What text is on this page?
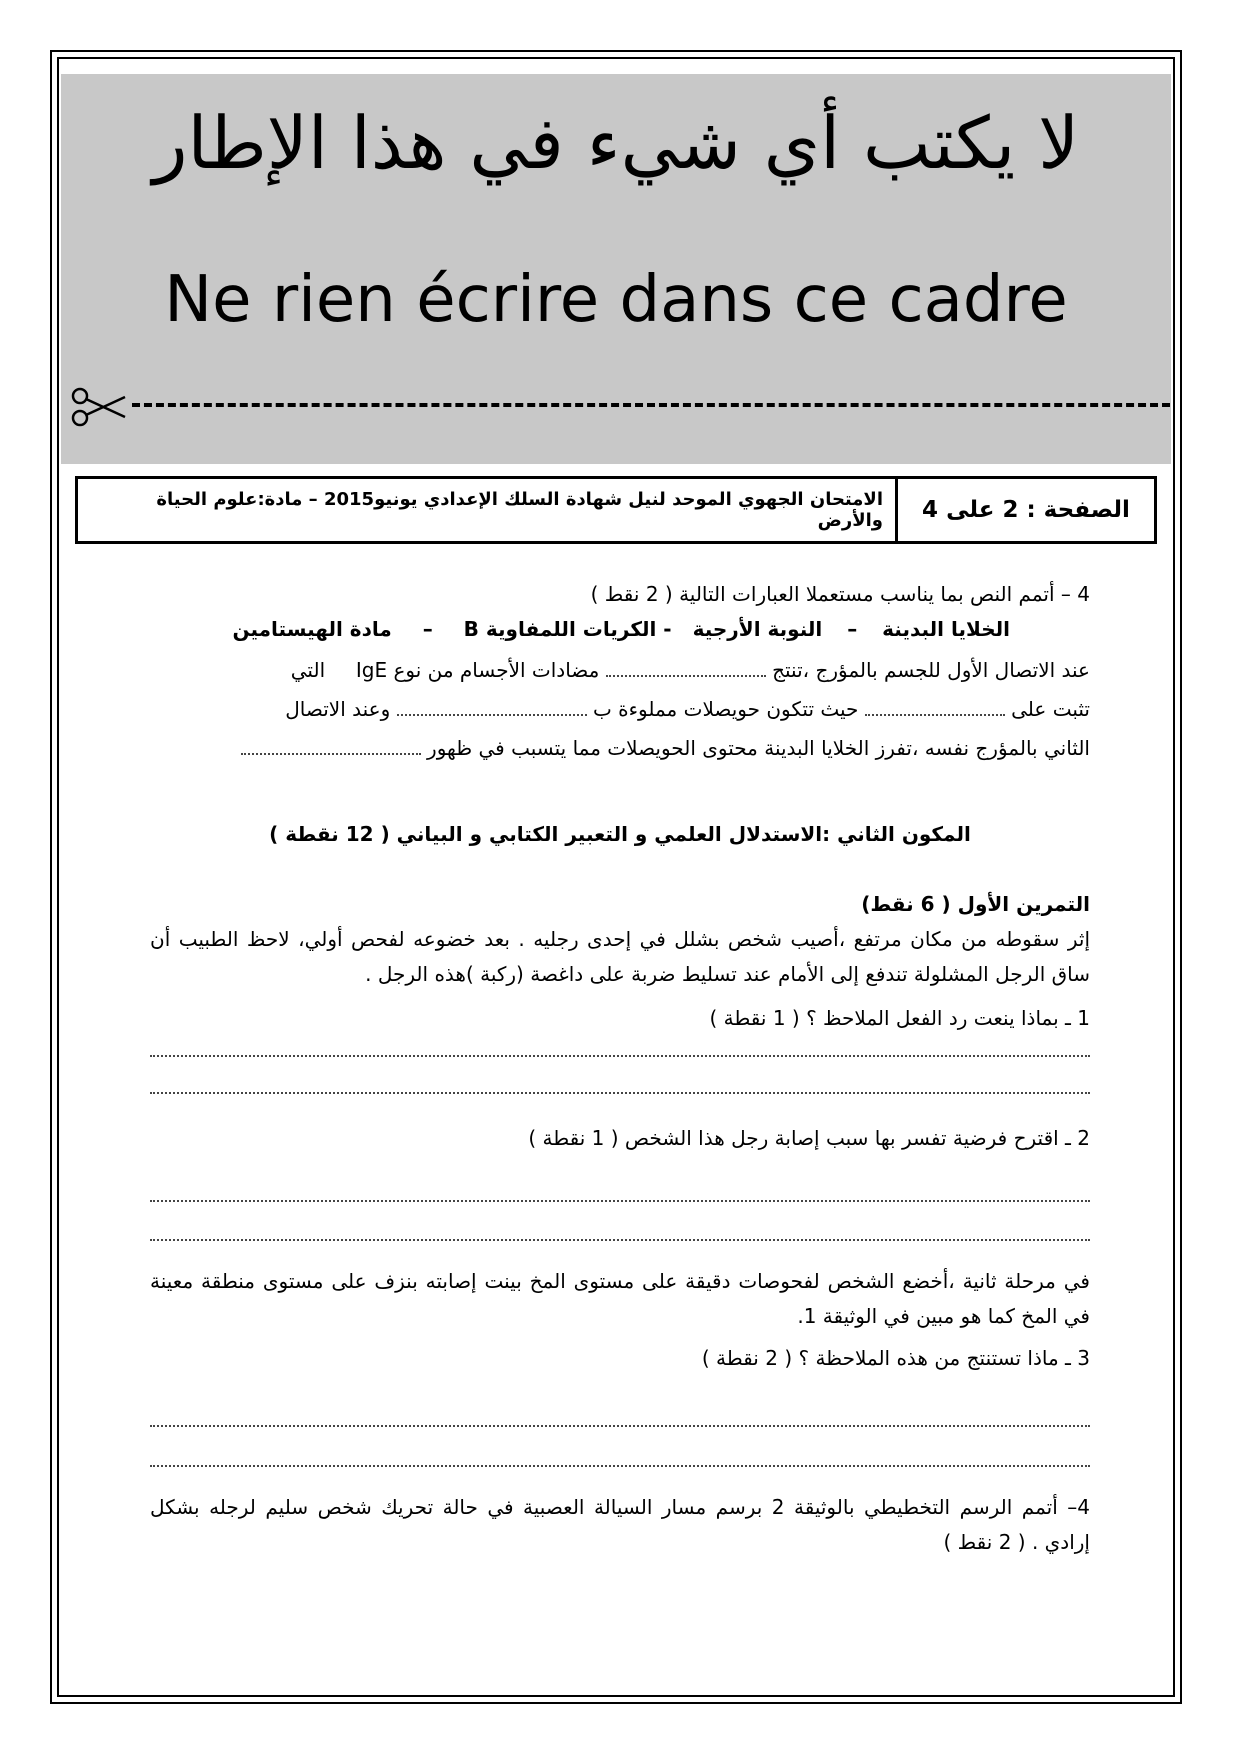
لا يكتب أي شيء في هذا الإطار
Ne rien écrire dans ce cadre
الامتحان الجهوي الموحد لنيل شهادة السلك الإعدادي يونيو2015 – مادة:علوم الحياة والأرض	الصفحة : 2 على 4
4 – أتمم النص بما يناسب مستعملا العبارات التالية ( 2 نقط )
الخلايا البدينة – النوبة الأرجية - الكريات اللمفاوية B – مادة الهيستامين
عند الاتصال الأول للجسم بالمؤرج ،تنتج  مضادات الأجسام من نوع IgE  التي
تثبت على  حيث تتكون حويصلات مملوءة ب  وعند الاتصال
الثاني بالمؤرج نفسه ،تفرز الخلايا البدينة محتوى الحويصلات مما يتسبب في ظهور
المكون الثاني :الاستدلال العلمي و التعبير الكتابي و البياني ( 12 نقطة )
التمرين الأول ( 6 نقط)
إثر سقوطه من مكان مرتفع ،أصيب شخص بشلل في إحدى رجليه . بعد خضوعه لفحص أولي، لاحظ الطبيب أن ساق الرجل المشلولة تندفع إلى الأمام عند تسليط ضربة على داغصة (ركبة )هذه الرجل .
1 ـ بماذا ينعت رد الفعل الملاحظ ؟ ( 1 نقطة )
2 ـ اقترح فرضية تفسر بها سبب إصابة رجل هذا الشخص ( 1 نقطة )
في مرحلة ثانية ،أخضع الشخص لفحوصات دقيقة على مستوى المخ بينت إصابته بنزف على مستوى منطقة معينة في المخ كما هو مبين في الوثيقة 1.
3 ـ ماذا تستنتج من هذه الملاحظة ؟ ( 2 نقطة )
4– أتمم الرسم التخطيطي بالوثيقة 2 برسم مسار السيالة العصبية في حالة تحريك شخص سليم لرجله بشكل إرادي . ( 2 نقط )
